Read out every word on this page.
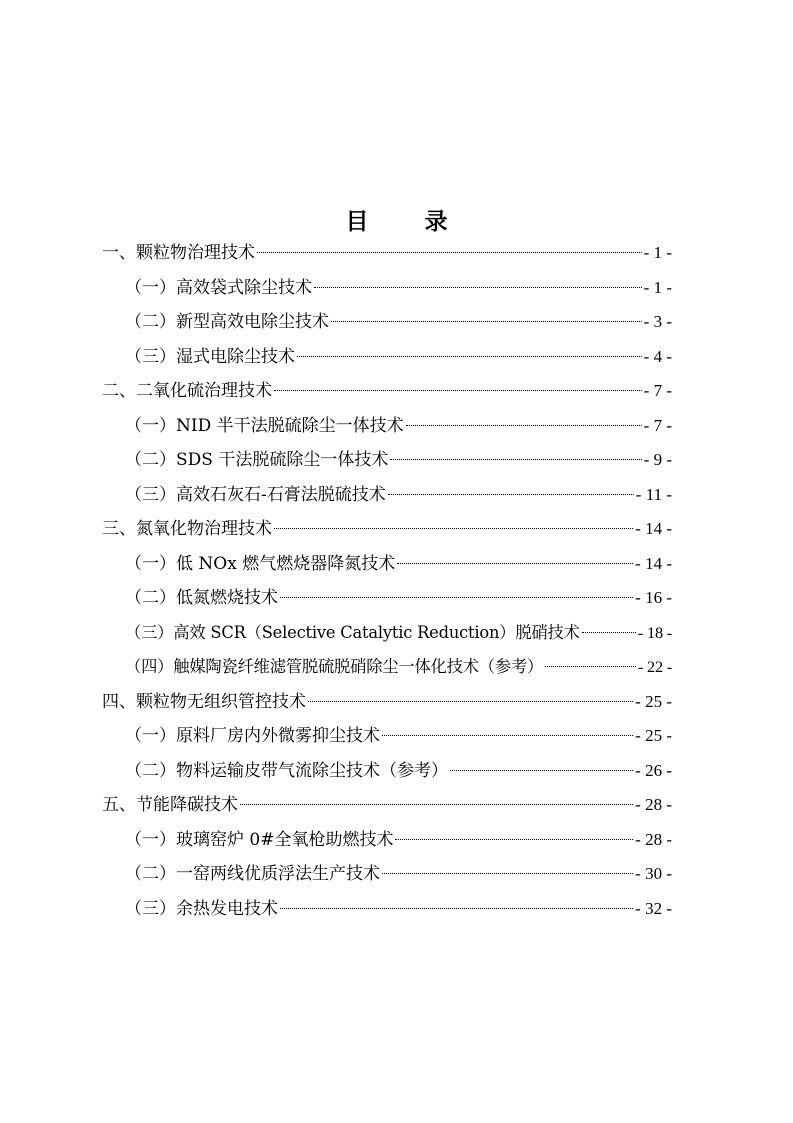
目 录
一、颗粒物治理技术	- 1 -
（一）高效袋式除尘技术	- 1 -
（二）新型高效电除尘技术	- 3 -
（三）湿式电除尘技术	- 4 -
二、二氧化硫治理技术	- 7 -
（一）NID 半干法脱硫除尘一体技术	- 7 -
（二）SDS 干法脱硫除尘一体技术	- 9 -
（三）高效石灰石-石膏法脱硫技术	- 11 -
三、氮氧化物治理技术	- 14 -
（一）低 NOx 燃气燃烧器降氮技术	- 14 -
（二）低氮燃烧技术	- 16 -
（三）高效 SCR（Selective Catalytic Reduction）脱硝技术	- 18 -
（四）触媒陶瓷纤维滤管脱硫脱硝除尘一体化技术（参考）	- 22 -
四、颗粒物无组织管控技术	- 25 -
（一）原料厂房内外微雾抑尘技术	- 25 -
（二）物料运输皮带气流除尘技术（参考）	- 26 -
五、节能降碳技术	- 28 -
（一）玻璃窑炉 0#全氧枪助燃技术	- 28 -
（二）一窑两线优质浮法生产技术	- 30 -
（三）余热发电技术	- 32 -
